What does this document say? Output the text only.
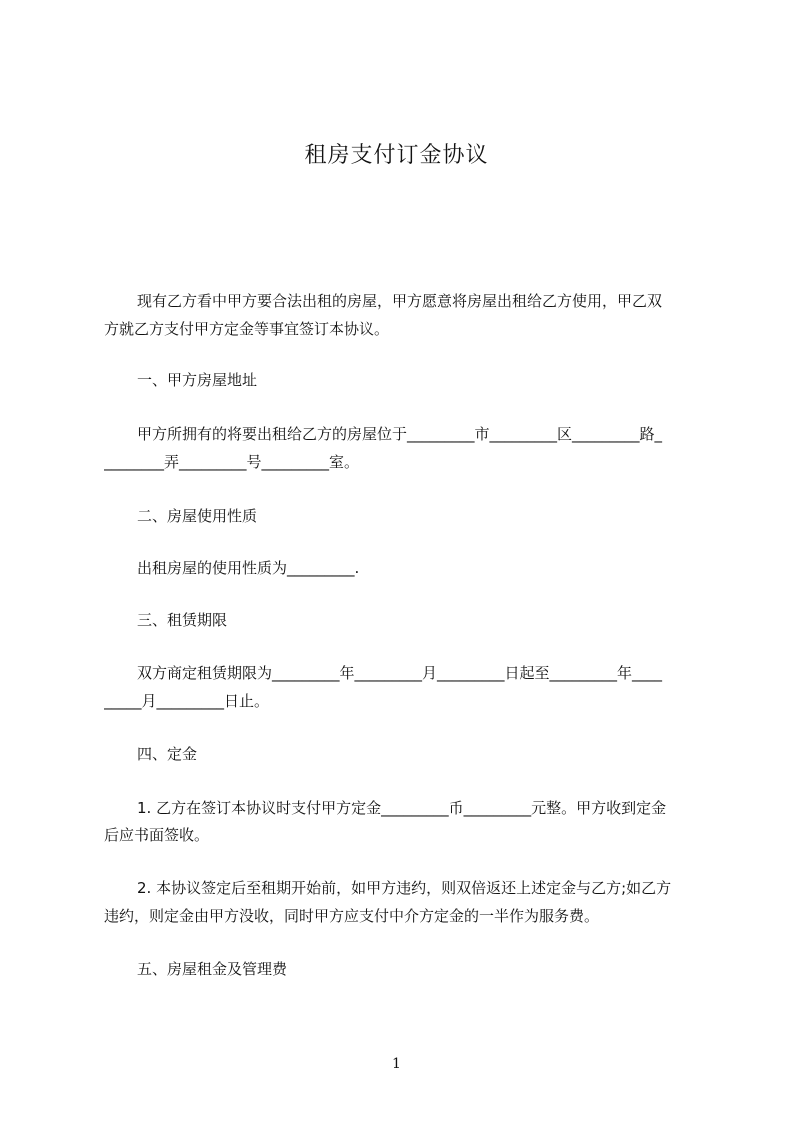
租房支付订金协议
现有乙方看中甲方要合法出租的房屋，甲方愿意将房屋出租给乙方使用，甲乙双
方就乙方支付甲方定金等事宜签订本协议。
一、甲方房屋地址
甲方所拥有的将要出租给乙方的房屋位于_________市_________区_________路_
________弄_________号_________室。
二、房屋使用性质
出租房屋的使用性质为_________.
三、租赁期限
双方商定租赁期限为_________年_________月_________日起至_________年____
_____月_________日止。
四、定金
1. 乙方在签订本协议时支付甲方定金_________币_________元整。甲方收到定金
后应书面签收。
2. 本协议签定后至租期开始前，如甲方违约，则双倍返还上述定金与乙方;如乙方
违约，则定金由甲方没收，同时甲方应支付中介方定金的一半作为服务费。
五、房屋租金及管理费
1
